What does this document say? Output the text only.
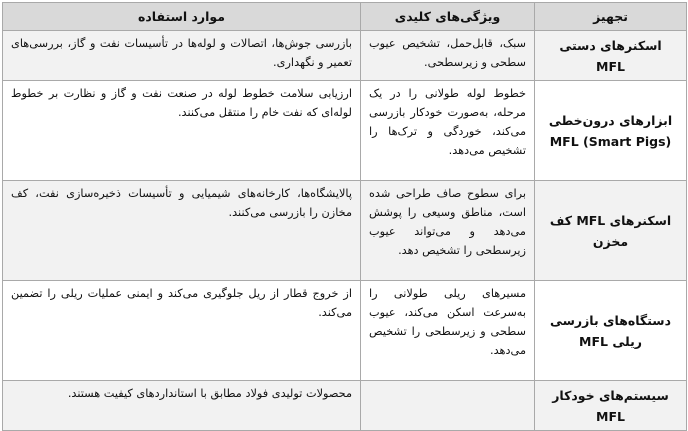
تجهیز	ویژگی‌های کلیدی	موارد استفاده
اسکنرهای دستی MFL	سبک، قابل‌حمل، تشخیص عیوب سطحی و زیرسطحی.	بازرسی جوش‌ها، اتصالات و لوله‌ها در تأسیسات نفت و گاز، بررسی‌های تعمیر و نگهداری.
ابزارهای درون‌خطی MFL (Smart Pigs)	خطوط لوله طولانی را در یک مرحله، به‌صورت خودکار بازرسی می‌کند، خوردگی و ترک‌ها را تشخیص می‌دهد.	ارزیابی سلامت خطوط لوله در صنعت نفت و گاز و نظارت بر خطوط لوله‌ای که نفت خام را منتقل می‌کنند.
اسکنرهای MFL کف مخزن	برای سطوح صاف طراحی شده است، مناطق وسیعی را پوشش می‌دهد و می‌تواند عیوب زیرسطحی را تشخیص دهد.	پالایشگاه‌ها، کارخانه‌های شیمیایی و تأسیسات ذخیره‌سازی نفت، کف مخازن را بازرسی می‌کنند.
دستگاه‌های بازرسی ریلی MFL	مسیرهای ریلی طولانی را به‌سرعت اسکن می‌کند، عیوب سطحی و زیرسطحی را تشخیص می‌دهد.	از خروج قطار از ریل جلوگیری می‌کند و ایمنی عملیات ریلی را تضمین می‌کند.
سیستم‌های خودکار MFL		محصولات تولیدی فولاد مطابق با استانداردهای کیفیت هستند.
